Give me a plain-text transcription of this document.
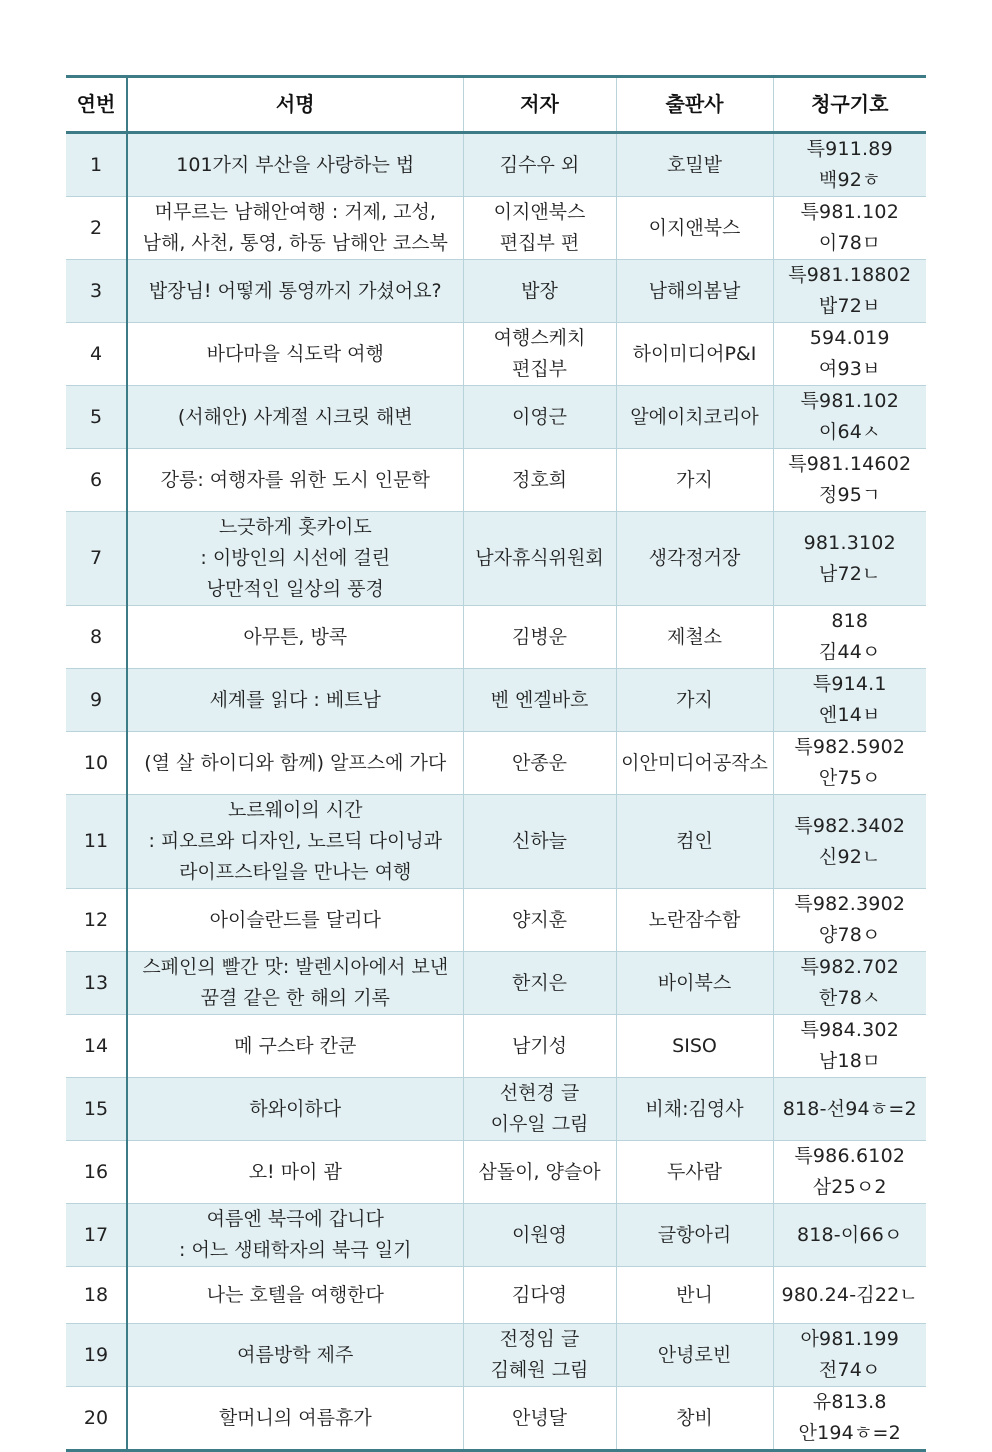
연번	서명	저자	출판사	청구기호
1	101가지 부산을 사랑하는 법	김수우 외	호밀밭	특911.89
백92ㅎ

2	머무르는 남해안여행 : 거제, 고성,
남해, 사천, 통영, 하동 남해안 코스북	이지앤북스
편집부 편	이지앤북스	특981.102
이78ㅁ

3	밥장님! 어떻게 통영까지 가셨어요?	밥장	남해의봄날	특981.18802
밥72ㅂ

4	바다마을 식도락 여행	여행스케치
편집부	하이미디어P&I	594.019
여93ㅂ

5	(서해안) 사계절 시크릿 해변	이영근	알에이치코리아	특981.102
이64ㅅ

6	강릉: 여행자를 위한 도시 인문학	정호희	가지	특981.14602
정95ㄱ

7	느긋하게 홋카이도
: 이방인의 시선에 걸린
낭만적인 일상의 풍경	남자휴식위원회	생각정거장	981.3102
남72ㄴ

8	아무튼, 방콕	김병운	제철소	818
김44ㅇ

9	세계를 읽다 : 베트남	벤 엔겔바흐	가지	특914.1
엔14ㅂ

10	(열 살 하이디와 함께) 알프스에 가다	안종운	이안미디어공작소	특982.5902
안75ㅇ

11	노르웨이의 시간
: 피오르와 디자인, 노르딕 다이닝과
라이프스타일을 만나는 여행	신하늘	컴인	특982.3402
신92ㄴ

12	아이슬란드를 달리다	양지훈	노란잠수함	특982.3902
양78ㅇ

13	스페인의 빨간 맛: 발렌시아에서 보낸
꿈결 같은 한 해의 기록	한지은	바이북스	특982.702
한78ㅅ

14	메 구스타 칸쿤	남기성	SISO	특984.302
남18ㅁ

15	하와이하다	선현경 글
이우일 그림	비채:김영사	818-선94ㅎ=2

16	오! 마이 괌	삼돌이, 양슬아	두사람	특986.6102
삼25ㅇ2

17	여름엔 북극에 갑니다
: 어느 생태학자의 북극 일기	이원영	글항아리	818-이66ㅇ

18	나는 호텔을 여행한다	김다영	반니	980.24-김22ㄴ

19	여름방학 제주	전정임 글
김혜원 그림	안녕로빈	아981.199
전74ㅇ

20	할머니의 여름휴가	안녕달	창비	유813.8
안194ㅎ=2
